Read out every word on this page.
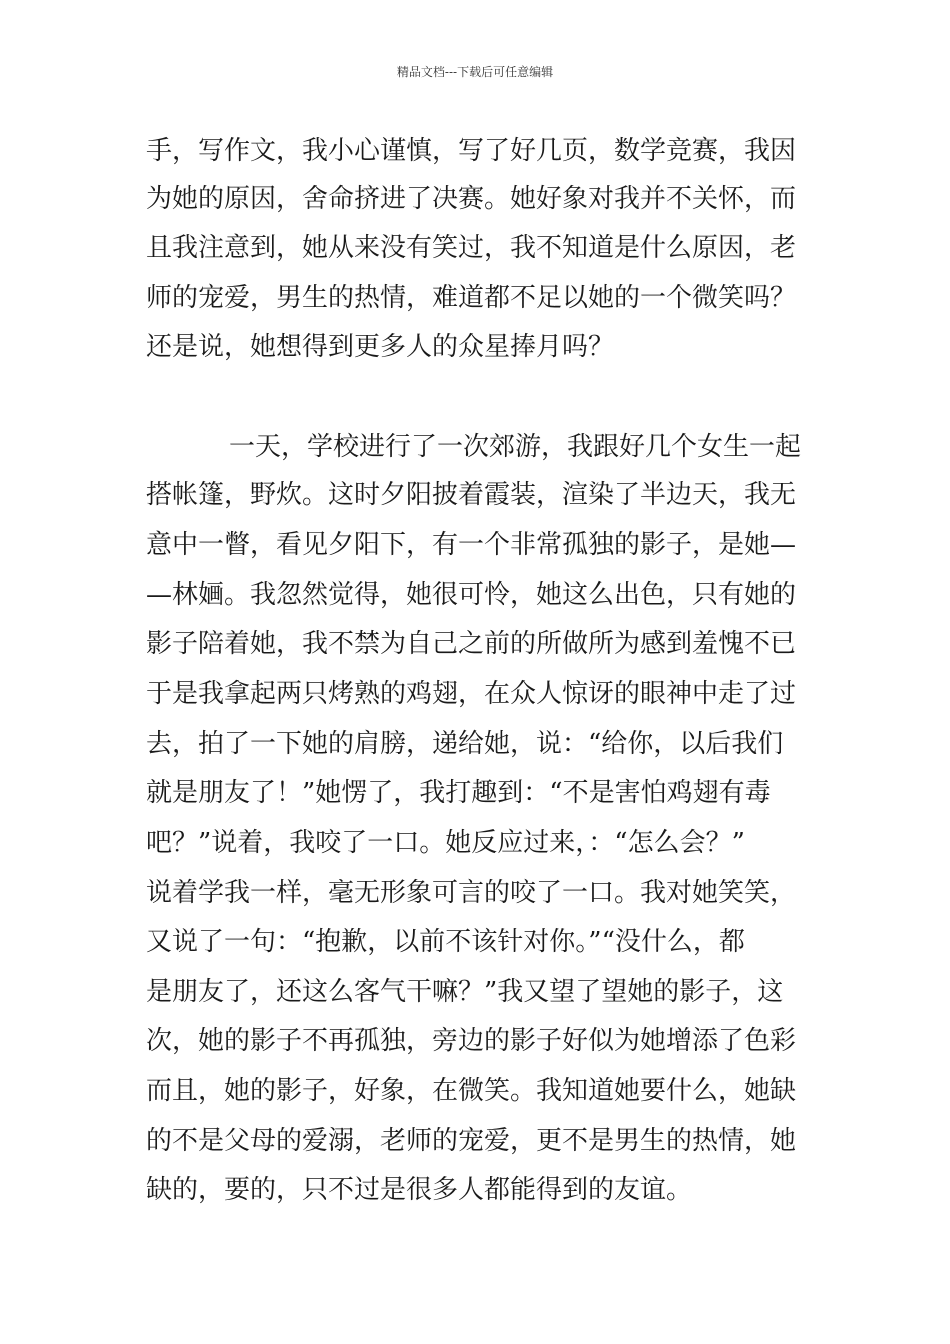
精品文档---下载后可任意编辑
手，写作文，我小心谨慎，写了好几页，数学竞赛，我因
为她的原因，舍命挤进了决赛。她好象对我并不关怀，而
且我注意到，她从来没有笑过，我不知道是什么原因，老
师的宠爱，男生的热情，难道都不足以她的一个微笑吗？
还是说，她想得到更多人的众星捧月吗？
一天，学校进行了一次郊游，我跟好几个女生一起
搭帐篷，野炊。这时夕阳披着霞装，渲染了半边天，我无
意中一瞥，看见夕阳下，有一个非常孤独的影子，是她—
—林婳。我忽然觉得，她很可怜，她这么出色，只有她的
影子陪着她，我不禁为自己之前的所做所为感到羞愧不已
于是我拿起两只烤熟的鸡翅，在众人惊讶的眼神中走了过
去，拍了一下她的肩膀，递给她，说：“给你，以后我们
就是朋友了！”她愣了，我打趣到：“不是害怕鸡翅有毒
吧？”说着，我咬了一口。她反应过来，：“怎么会？”
说着学我一样，毫无形象可言的咬了一口。我对她笑笑，
又说了一句：“抱歉，以前不该针对你。”“没什么，都
是朋友了，还这么客气干嘛？”我又望了望她的影子，这
次，她的影子不再孤独，旁边的影子好似为她增添了色彩
而且，她的影子，好象，在微笑。我知道她要什么，她缺
的不是父母的爱溺，老师的宠爱，更不是男生的热情，她
缺的，要的，只不过是很多人都能得到的友谊。
